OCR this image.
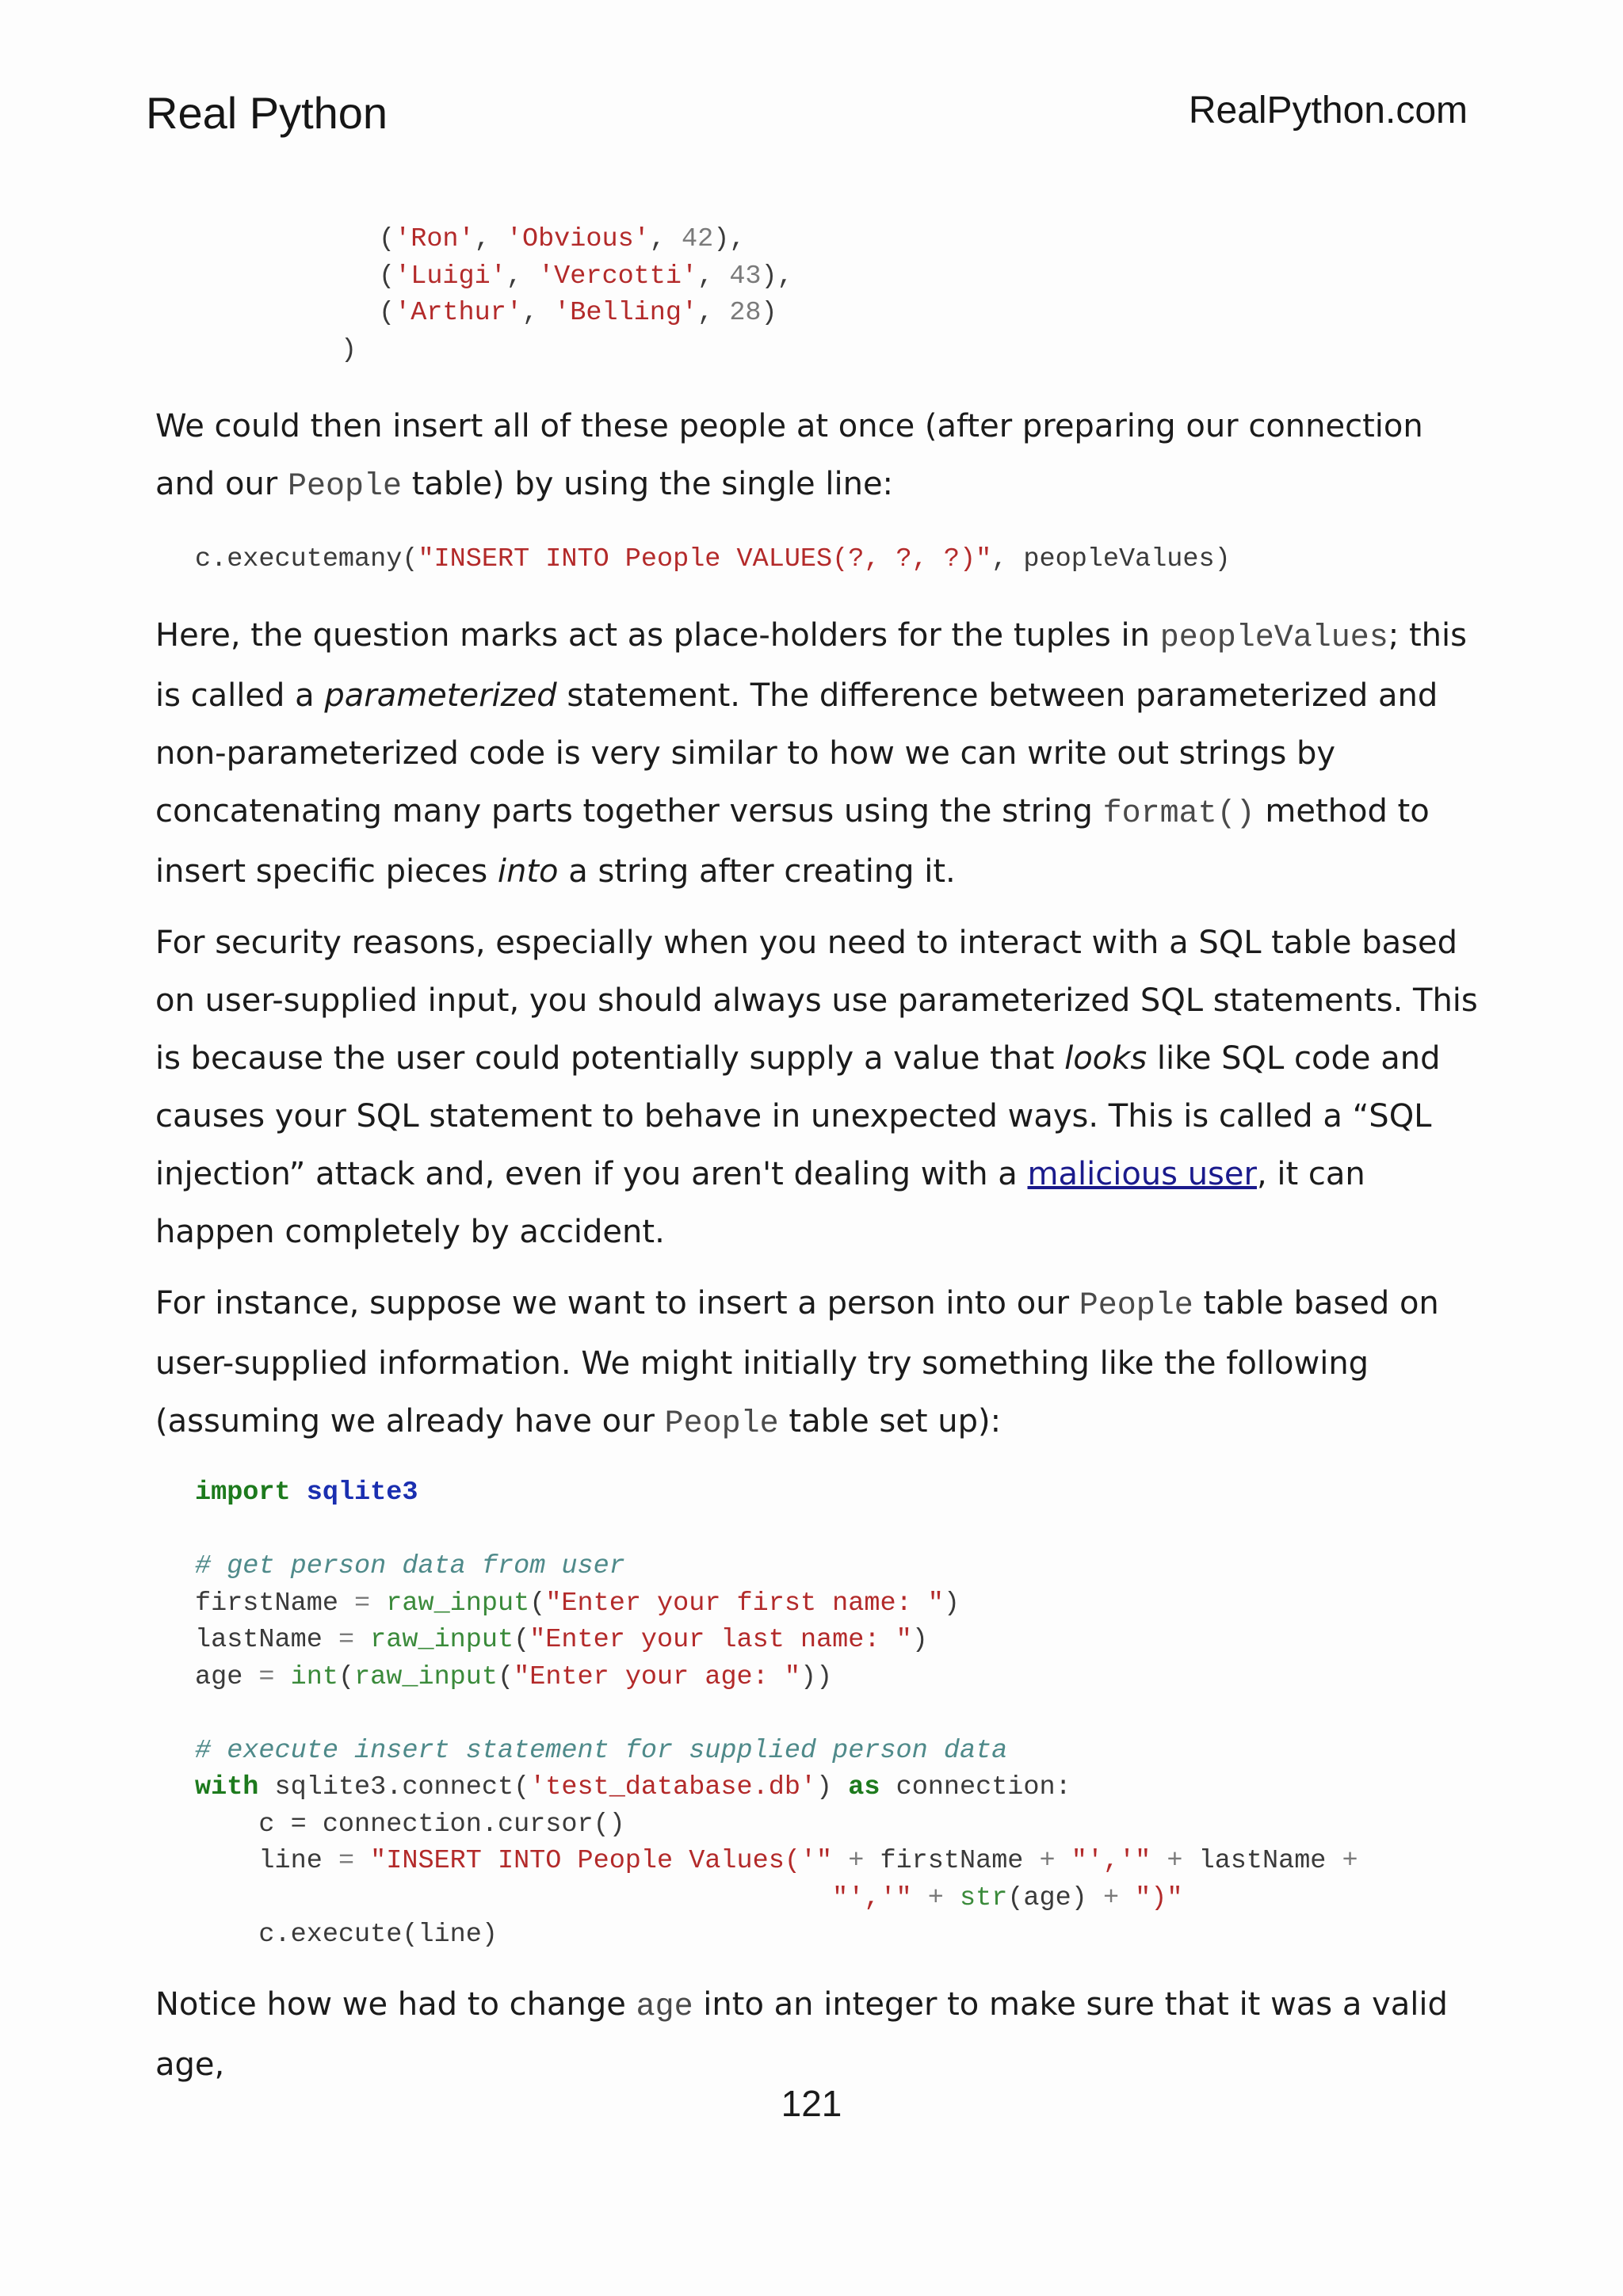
Real Python	RealPython.com
('Ron', 'Obvious', 42),
('Luigi', 'Vercotti', 43),
('Arthur', 'Belling', 28)
)

We could then insert all of these people at once (after preparing our connection and our People table) by using the single line:

c.executemany("INSERT INTO People VALUES(?, ?, ?)", peopleValues)

Here, the question marks act as place-holders for the tuples in peopleValues; this is called a parameterized statement. The difference between parameterized and non-parameterized code is very similar to how we can write out strings by concatenating many parts together versus using the string format() method to insert specific pieces into a string after creating it.

For security reasons, especially when you need to interact with a SQL table based on user-supplied input, you should always use parameterized SQL statements. This is because the user could potentially supply a value that looks like SQL code and causes your SQL statement to behave in unexpected ways. This is called a “SQL injection” attack and, even if you aren't dealing with a malicious user, it can happen completely by accident.

For instance, suppose we want to insert a person into our People table based on user-supplied information. We might initially try something like the following (assuming we already have our People table set up):

import sqlite3

# get person data from user
firstName = raw_input("Enter your first name: ")
lastName = raw_input("Enter your last name: ")
age = int(raw_input("Enter your age: "))

# execute insert statement for supplied person data
with sqlite3.connect('test_database.db') as connection:
c = connection.cursor()
line = "INSERT INTO People Values('" + firstName + "','" + lastName +
"','" + str(age) + ")"
c.execute(line)

Notice how we had to change age into an integer to make sure that it was a valid age,

121
